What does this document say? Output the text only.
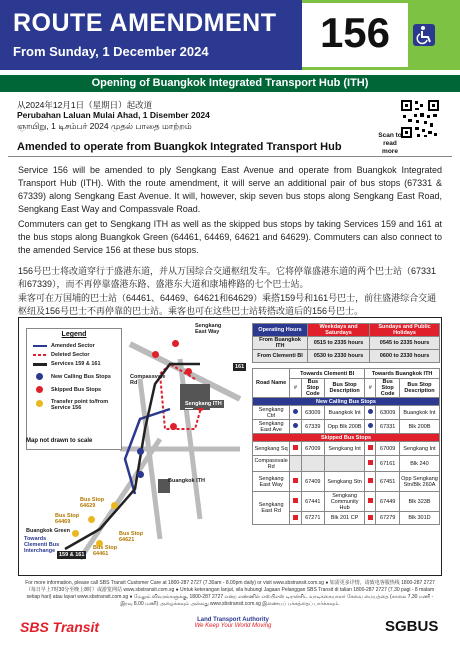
ROUTE AMENDMENT
From Sunday, 1 December 2024	156
Opening of Buangkok Integrated Transport Hub (ITH)
从2024年12月1日（星期日）起改道
Perubahan Laluan Mulai Ahad, 1 Disember 2024
ஞாயிறு, 1 டிசம்பர் 2024 முதல் பாதை மாற்றம்
Amended to operate from Buangkok Integrated Transport Hub
Scan to read more
Service 156 will be amended to ply Sengkang East Avenue and operate from Buangkok Integrated Transport Hub (ITH). With the route amendment, it will serve an additional pair of bus stops (67331 & 67339) along Sengkang East Avenue. It will, however, skip seven bus stops along Sengkang East Road, Sengkang East Way and Compassvale Road.
Commuters can get to Sengkang ITH as well as the skipped bus stops by taking Services 159 and 161 at the bus stops along Buangkok Green (64461, 64469, 64621 and 64629). Commuters can also connect to the amended Service 156 at these bus stops.
156号巴士将改道穿行于盛港东道，并从万国综合交通枢纽发车。它将停靠盛港东道的两个巴士站（67331和67339），而不再停靠盛港东路、盛港东大道和康埔桦路的七个巴士站。
乘客可在万国埔的巴士站（64461、64469、64621和64629）乘搭159号和161号巴士，前往盛港综合交通枢纽及156号巴士不再停靠的巴士站。乘客也可在这些巴士站转搭改道后的156号巴士。
Sengkang East Way
Sengkang ITH
Buangkok ITH
Compassvale Rd
Buangkok Green
Towards Clementi Bus Interchange
Bus Stop 64629
Bus Stop 64469
Bus Stop 64621
Bus Stop 64461
159 & 161
161
Legend
Amended Sector
Deleted Sector
Services 159 & 161
New Calling Bus Stops
Skipped Bus Stops
Transfer point to/from Service 156
Map not drawn to scale
Operating Hours	Weekdays and Saturdays	Sundays and Public Holidays
From Buangkok ITH	0515 to 2335 hours	0545 to 2335 hours
From Clementi BI	0530 to 2330 hours	0600 to 2330 hours
Road Name	Towards Clementi BI			Towards Buangkok ITH		
	#	Bus Stop Code	Bus Stop Description	#	Bus Stop Code	Bus Stop Description
New Calling Bus Stops						
Sengkang Ctrl		63009	Buangkok Int		63009	Buangkok Int
Sengkang East Ave		67339	Opp Blk 200B		67331	Blk 200B
Skipped Bus Stops						
Sengkang Sq		67009	Sengkang Int		67009	Sengkang Int
Compassvale Rd					67161	Blk 240
Sengkang East Way		67409	Sengkang Stn		67451	Opp Sengkang Stn/Blk 260A
Sengkang East Rd		67441	Sengkang Community Hub		67449	Blk 323B
		67271	Blk 201 CP		67279	Blk 301D
For more information, please call SBS Transit Customer Care at 1800-287 2727 (7.30am - 8.00pm daily) or visit www.sbstransit.com.sg ● 如需更多详情，请致电客服热线 1800-287 2727 （每日早上7时30分至晚上8时）或游览网站 www.sbstransit.com.sg ● Untuk keterangan lanjut, sila hubungi Jagaan Pelanggan SBS Transit di talian 1800-287 2727 (7.30 pagi - 8 malam setiap hari) atau layari www.sbstransit.com.sg ● மேலும் விவரங்களுக்கு, 1800-287 2727 என்ற எண்ணில் எஸ்பிஎஸ் டிரான்சிட் வாடிக்கையாளர் சேவை மையத்தை (காலை 7.30 மணி - இரவு 8.00 மணி) அழைக்கவும் அல்லது www.sbstransit.com.sg இணையப் பக்கத்தைப் பார்க்கவும்.
SBS Transit	Land Transport Authority
We Keep Your World Moving	SGBUS
